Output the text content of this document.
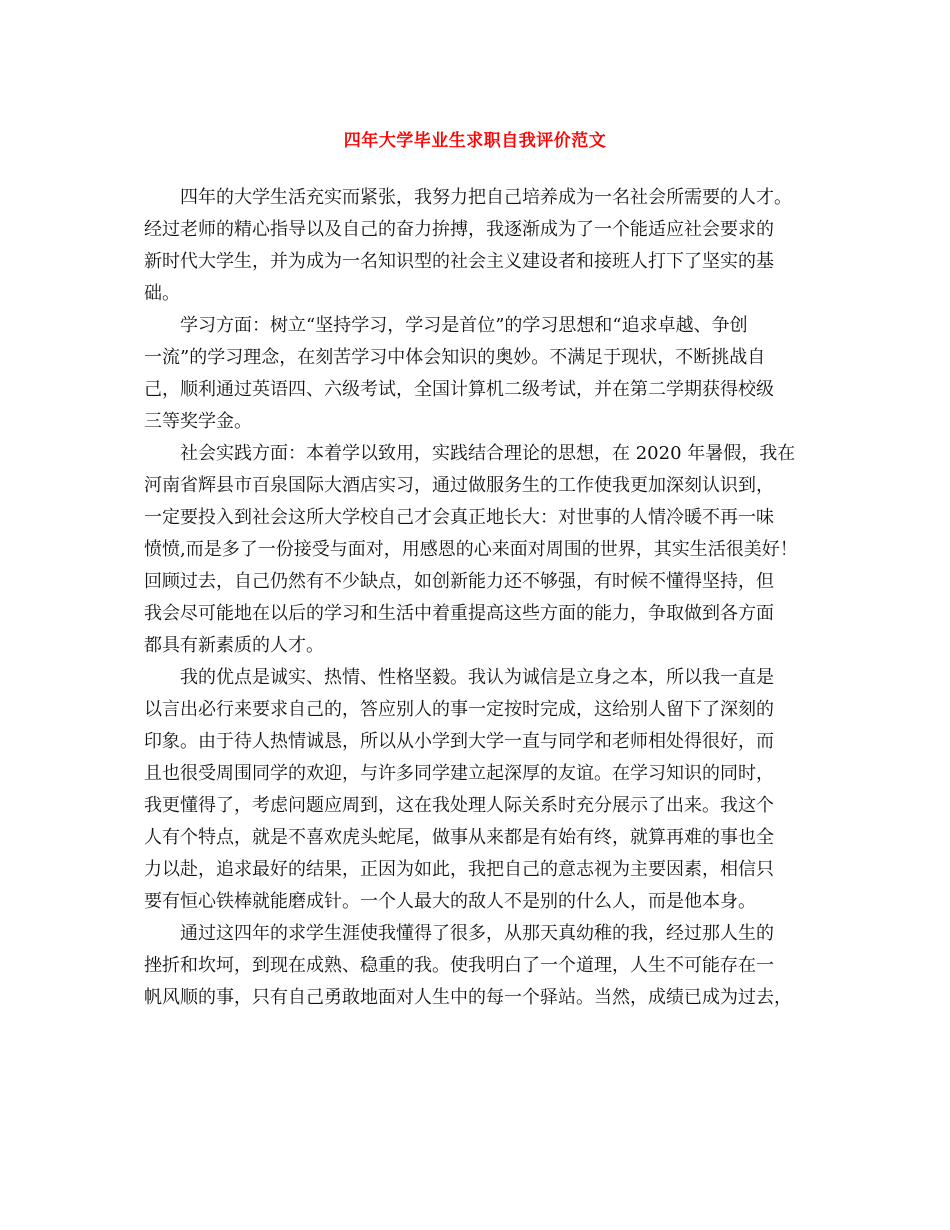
四年大学毕业生求职自我评价范文
四年的大学生活充实而紧张，我努力把自己培养成为一名社会所需要的人才。
经过老师的精心指导以及自己的奋力拚搏，我逐渐成为了一个能适应社会要求的
新时代大学生，并为成为一名知识型的社会主义建设者和接班人打下了坚实的基
础。
学习方面：树立“坚持学习，学习是首位”的学习思想和“追求卓越、争创
一流”的学习理念，在刻苦学习中体会知识的奥妙。不满足于现状，不断挑战自
己，顺利通过英语四、六级考试，全国计算机二级考试，并在第二学期获得校级
三等奖学金。
社会实践方面：本着学以致用，实践结合理论的思想，在 2020 年暑假，我在
河南省辉县市百泉国际大酒店实习，通过做服务生的工作使我更加深刻认识到，
一定要投入到社会这所大学校自己才会真正地长大：对世事的人情冷暖不再一味
愤愤,而是多了一份接受与面对，用感恩的心来面对周围的世界，其实生活很美好！
回顾过去，自己仍然有不少缺点，如创新能力还不够强，有时候不懂得坚持，但
我会尽可能地在以后的学习和生活中着重提高这些方面的能力，争取做到各方面
都具有新素质的人才。
我的优点是诚实、热情、性格坚毅。我认为诚信是立身之本，所以我一直是
以言出必行来要求自己的，答应别人的事一定按时完成，这给别人留下了深刻的
印象。由于待人热情诚恳，所以从小学到大学一直与同学和老师相处得很好，而
且也很受周围同学的欢迎，与许多同学建立起深厚的友谊。在学习知识的同时，
我更懂得了，考虑问题应周到，这在我处理人际关系时充分展示了出来。我这个
人有个特点，就是不喜欢虎头蛇尾，做事从来都是有始有终，就算再难的事也全
力以赴，追求最好的结果，正因为如此，我把自己的意志视为主要因素，相信只
要有恒心铁棒就能磨成针。一个人最大的敌人不是别的什么人，而是他本身。
通过这四年的求学生涯使我懂得了很多，从那天真幼稚的我，经过那人生的
挫折和坎坷，到现在成熟、稳重的我。使我明白了一个道理，人生不可能存在一
帆风顺的事，只有自己勇敢地面对人生中的每一个驿站。当然，成绩已成为过去，
